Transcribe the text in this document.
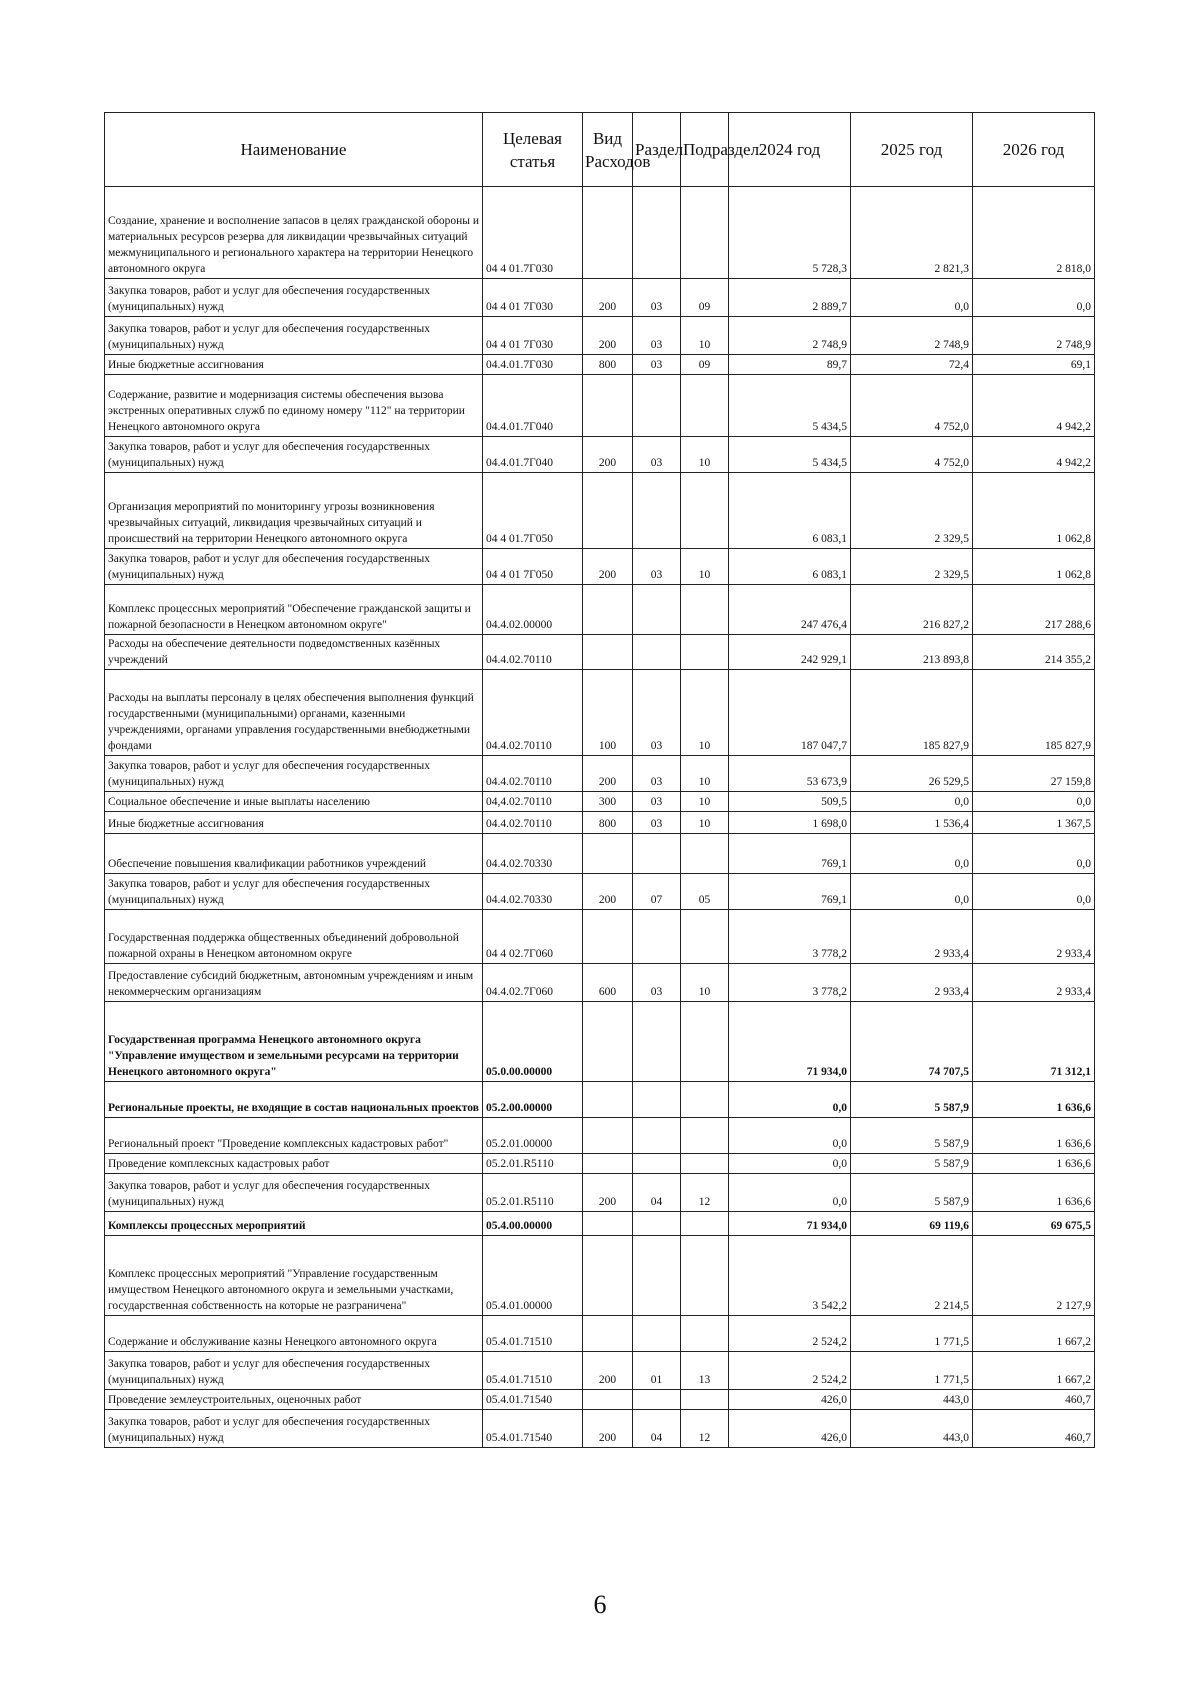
Наименование	Целевая статья	Вид Расходов	Раздел	Подраздел	2024 год	2025 год	2026 год
Создание, хранение и восполнение запасов в целях гражданской обороны и материальных ресурсов резерва для ликвидации чрезвычайных ситуаций межмуниципального и регионального характера на территории Ненецкого автономного округа	04 4 01.7Г030				5 728,3	2 821,3	2 818,0
Закупка товаров, работ и услуг для обеспечения государственных (муниципальных) нужд	04 4 01 7Г030	200	03	09	2 889,7	0,0	0,0
Закупка товаров, работ и услуг для обеспечения государственных (муниципальных) нужд	04 4 01 7Г030	200	03	10	2 748,9	2 748,9	2 748,9
Иные бюджетные ассигнования	04.4.01.7Г030	800	03	09	89,7	72,4	69,1
Содержание, развитие и модернизация системы обеспечения вызова экстренных оперативных служб по единому номеру "112" на территории Ненецкого автономного округа	04.4.01.7Г040				5 434,5	4 752,0	4 942,2
Закупка товаров, работ и услуг для обеспечения государственных (муниципальных) нужд	04.4.01.7Г040	200	03	10	5 434,5	4 752,0	4 942,2
Организация мероприятий по мониторингу угрозы возникновения чрезвычайных ситуаций, ликвидация чрезвычайных ситуаций и происшествий на территории Ненецкого автономного округа	04 4 01.7Г050				6 083,1	2 329,5	1 062,8
Закупка товаров, работ и услуг для обеспечения государственных (муниципальных) нужд	04 4 01 7Г050	200	03	10	6 083,1	2 329,5	1 062,8
Комплекс процессных мероприятий "Обеспечение гражданской защиты и пожарной безопасности в Ненецком автономном округе"	04.4.02.00000				247 476,4	216 827,2	217 288,6
Расходы на обеспечение деятельности подведомственных казённых учреждений	04.4.02.70110				242 929,1	213 893,8	214 355,2
Расходы на выплаты персоналу в целях обеспечения выполнения функций государственными (муниципальными) органами, казенными учреждениями, органами управления государственными внебюджетными фондами	04.4.02.70110	100	03	10	187 047,7	185 827,9	185 827,9
Закупка товаров, работ и услуг для обеспечения государственных (муниципальных) нужд	04.4.02.70110	200	03	10	53 673,9	26 529,5	27 159,8
Социальное обеспечение и иные выплаты населению	04,4.02.70110	300	03	10	509,5	0,0	0,0
Иные бюджетные ассигнования	04.4.02.70110	800	03	10	1 698,0	1 536,4	1 367,5
Обеспечение повышения квалификации работников учреждений	04.4.02.70330				769,1	0,0	0,0
Закупка товаров, работ и услуг для обеспечения государственных (муниципальных) нужд	04.4.02.70330	200	07	05	769,1	0,0	0,0
Государственная поддержка общественных объединений добровольной пожарной охраны в Ненецком автономном округе	04 4 02.7Г060				3 778,2	2 933,4	2 933,4
Предоставление субсидий бюджетным, автономным учреждениям и иным некоммерческим организациям	04.4.02.7Г060	600	03	10	3 778,2	2 933,4	2 933,4
Государственная программа Ненецкого автономного округа "Управление имуществом и земельными ресурсами на территории Ненецкого автономного округа"	05.0.00.00000				71 934,0	74 707,5	71 312,1
Региональные проекты, не входящие в состав национальных проектов	05.2.00.00000				0,0	5 587,9	1 636,6
Региональный проект "Проведение комплексных кадастровых работ"	05.2.01.00000				0,0	5 587,9	1 636,6
Проведение комплексных кадастровых работ	05.2.01.R5110				0,0	5 587,9	1 636,6
Закупка товаров, работ и услуг для обеспечения государственных (муниципальных) нужд	05.2.01.R5110	200	04	12	0,0	5 587,9	1 636,6
Комплексы процессных мероприятий	05.4.00.00000				71 934,0	69 119,6	69 675,5
Комплекс процессных мероприятий "Управление государственным имуществом Ненецкого автономного округа и земельными участками, государственная собственность на которые не разграничена"	05.4.01.00000				3 542,2	2 214,5	2 127,9
Содержание и обслуживание казны Ненецкого автономного округа	05.4.01.71510				2 524,2	1 771,5	1 667,2
Закупка товаров, работ и услуг для обеспечения государственных (муниципальных) нужд	05.4.01.71510	200	01	13	2 524,2	1 771,5	1 667,2
Проведение землеустроительных, оценочных работ	05.4.01.71540				426,0	443,0	460,7
Закупка товаров, работ и услуг для обеспечения государственных (муниципальных) нужд	05.4.01.71540	200	04	12	426,0	443,0	460,7
6
